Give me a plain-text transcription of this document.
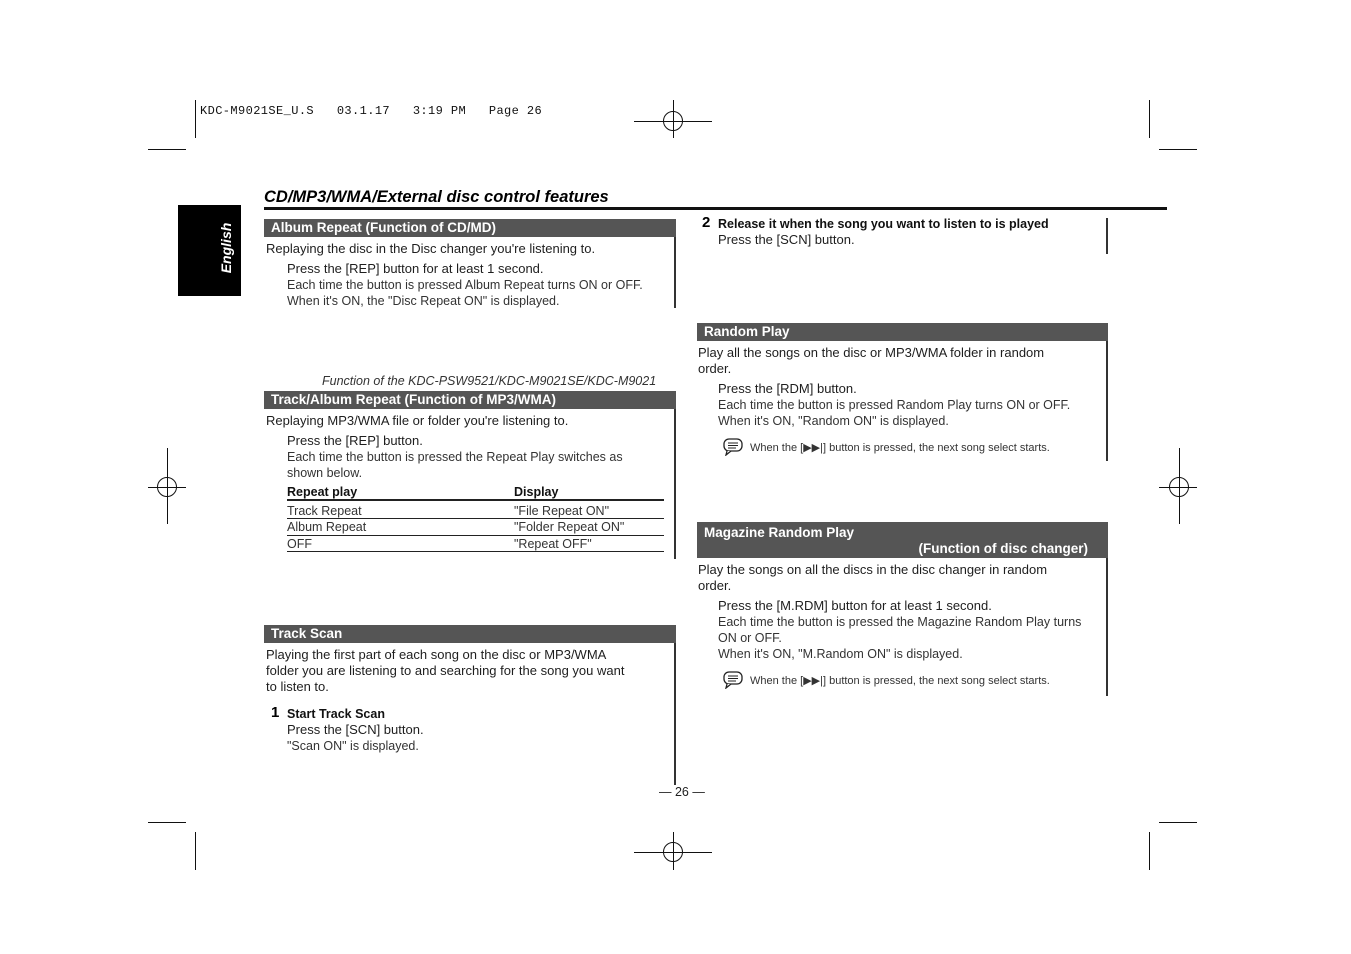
KDC-M9021SE_U.S   03.1.17   3:19 PM   Page 26
English
CD/MP3/WMA/External disc control features
Album Repeat (Function of CD/MD)
Replaying the disc in the Disc changer you're listening to.
Press the [REP] button for at least 1 second.
Each time the button is pressed Album Repeat turns ON or OFF.
When it's ON, the "Disc Repeat ON" is displayed.
Function of the KDC-PSW9521/KDC-M9021SE/KDC-M9021
Track/Album Repeat (Function of MP3/WMA)
Replaying MP3/WMA file or folder you're listening to.
Press the [REP] button.
Each time the button is pressed the Repeat Play switches as
shown below.
Repeat play	Display
Track Repeat	"File Repeat ON"
Album Repeat	"Folder Repeat ON"
OFF	"Repeat OFF"
Track Scan
Playing the first part of each song on the disc or MP3/WMA
folder you are listening to and searching for the song you want
to listen to.
1 Start Track Scan
Press the [SCN] button.
"Scan ON" is displayed.
2 Release it when the song you want to listen to is played
Press the [SCN] button.
Random Play
Play all the songs on the disc or MP3/WMA folder in random
order.
Press the [RDM] button.
Each time the button is pressed Random Play turns ON or OFF.
When it's ON, "Random ON" is displayed.
When the [▶▶|] button is pressed, the next song select starts.
Magazine Random Play
(Function of disc changer)
Play the songs on all the discs in the disc changer in random
order.
Press the [M.RDM] button for at least 1 second.
Each time the button is pressed the Magazine Random Play turns
ON or OFF.
When it's ON, "M.Random ON" is displayed.
When the [▶▶|] button is pressed, the next song select starts.
— 26 —
